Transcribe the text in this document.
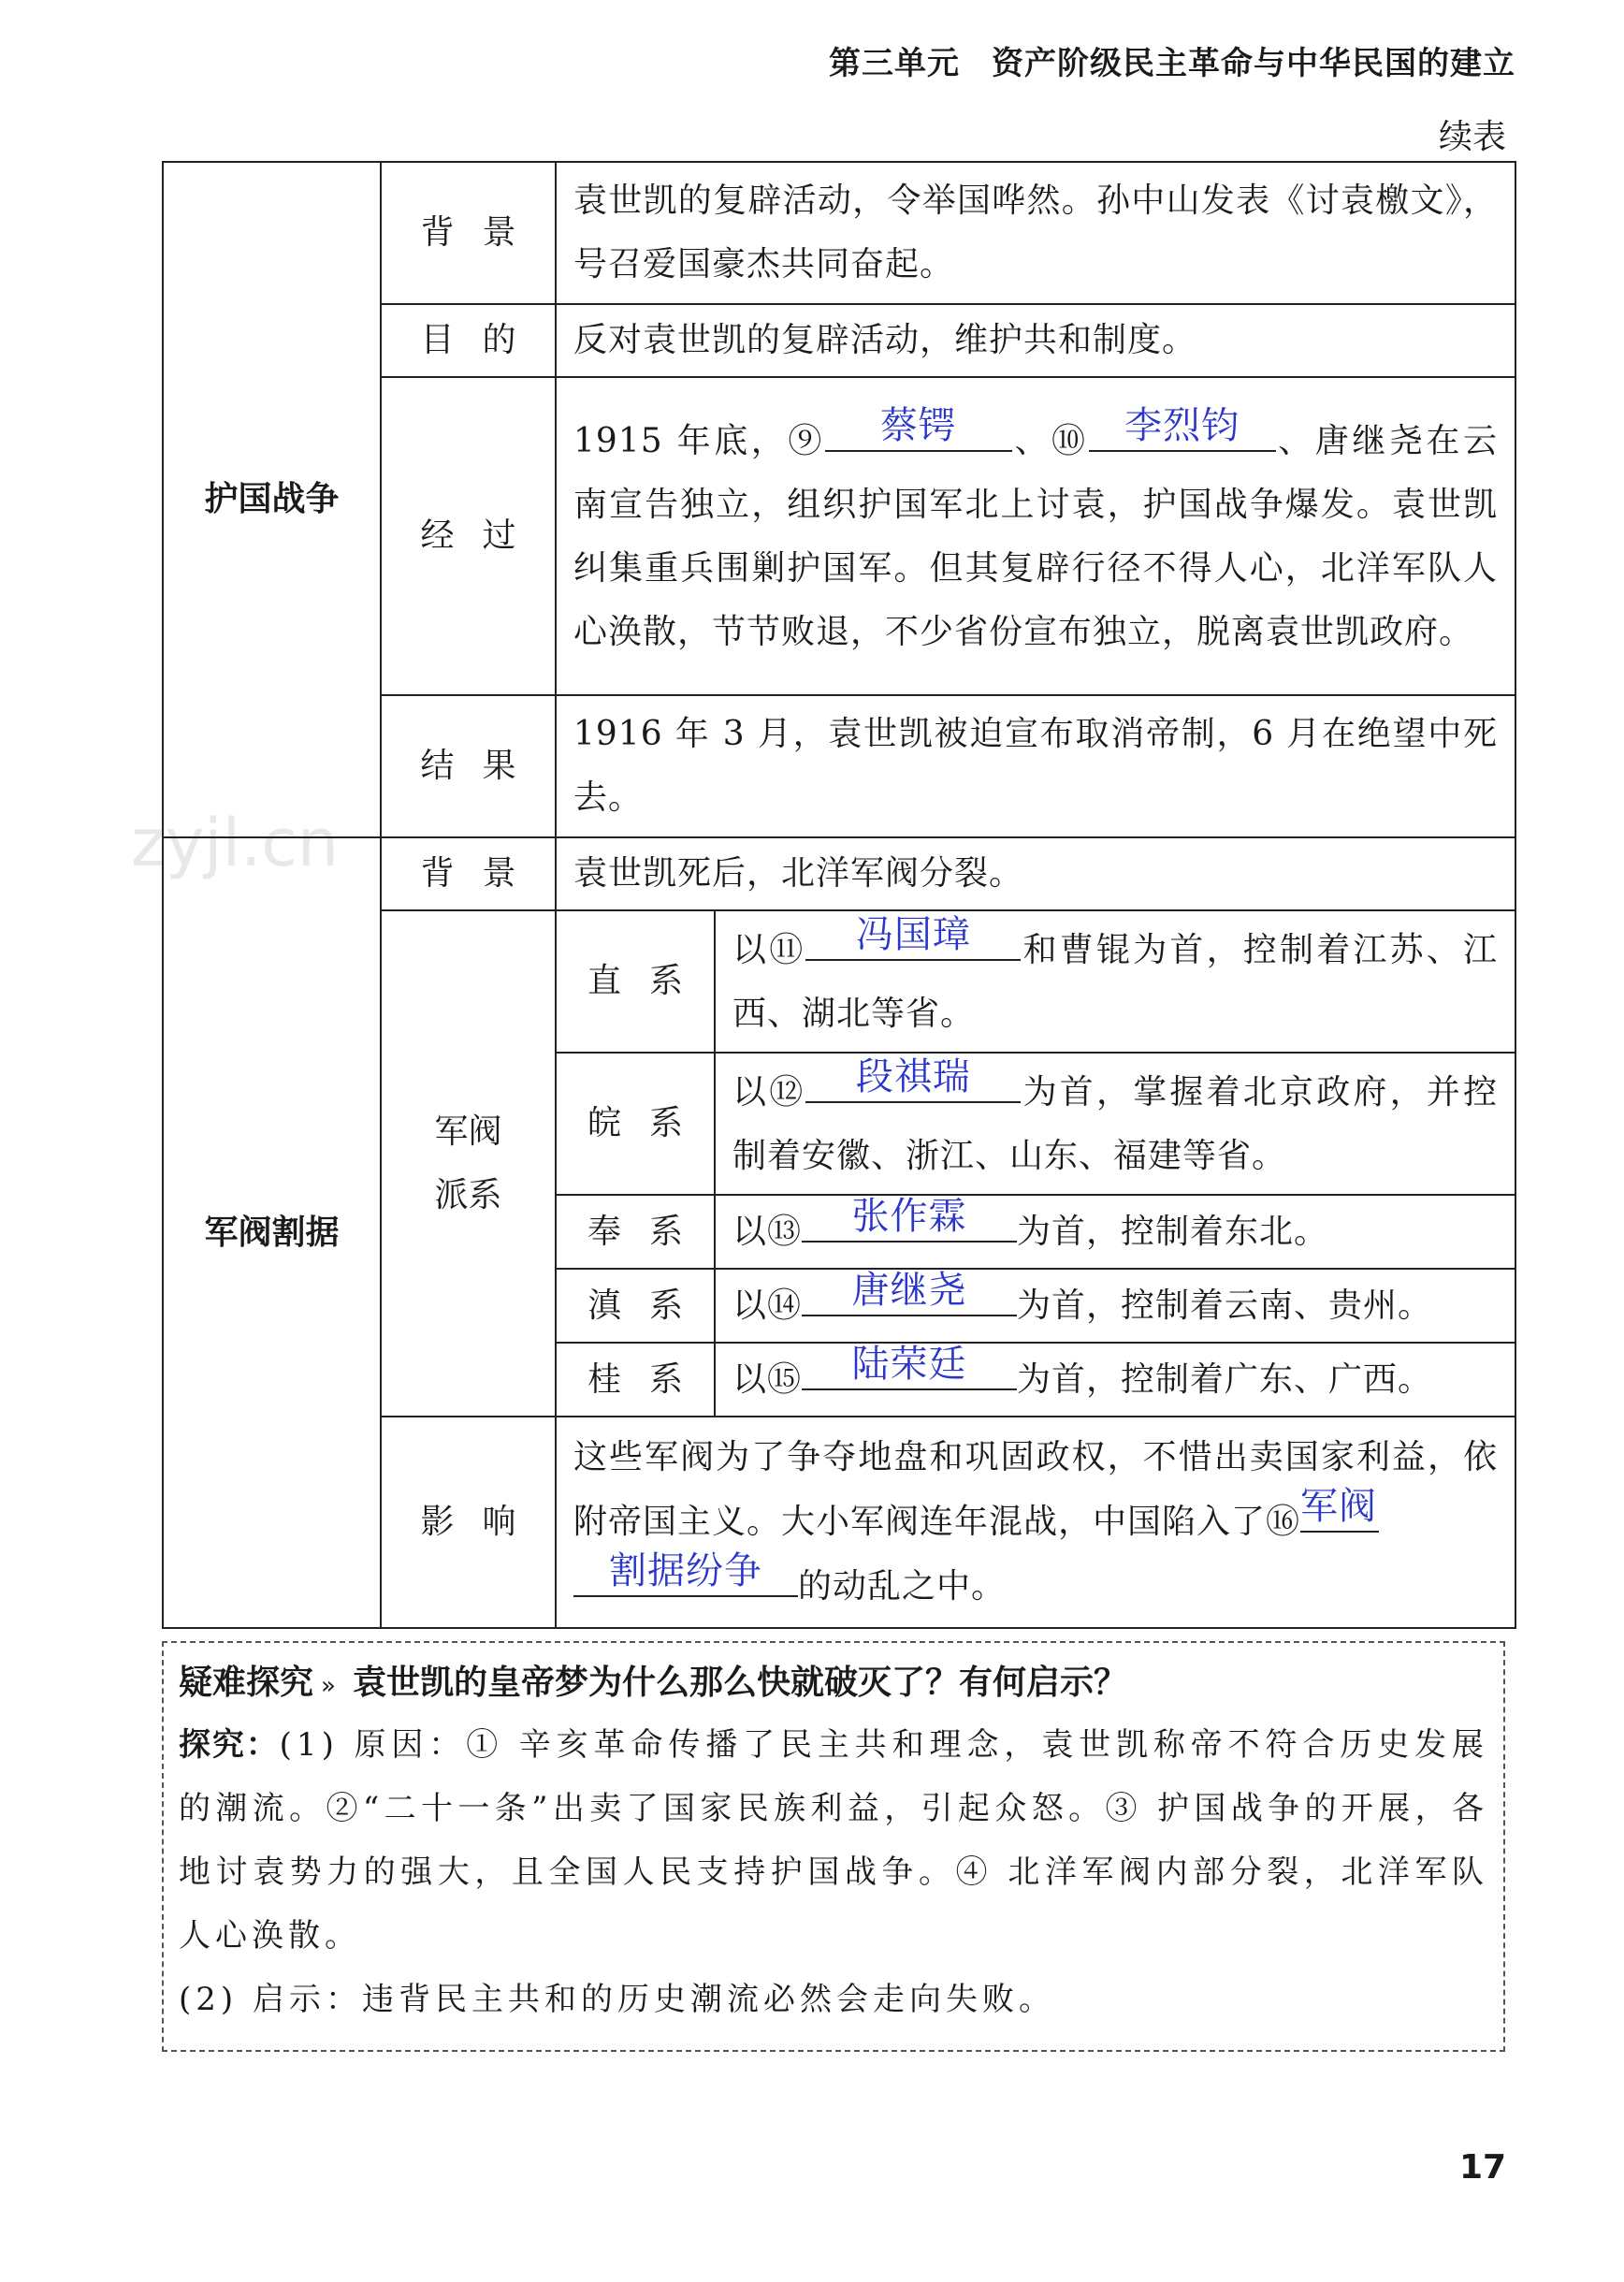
第三单元 资产阶级民主革命与中华民国的建立
续表
zyjl.cn
护国战争	背景	袁世凯的复辟活动，令举国哗然。孙中山发表《讨袁檄文》，号召爱国豪杰共同奋起。	
	目的	反对袁世凯的复辟活动，维护共和制度。	
	经过	1915 年底，⑨ 蔡锷 、⑩ 李烈钧 、唐继尧在云南宣告独立，组织护国军北上讨袁，护国战争爆发。袁世凯纠集重兵围剿护国军。但其复辟行径不得人心，北洋军队人心涣散，节节败退，不少省份宣布独立，脱离袁世凯政府。	
	结果	1916 年 3 月，袁世凯被迫宣布取消帝制，6 月在绝望中死去。	
军阀割据	背景	袁世凯死后，北洋军阀分裂。	

	军阀派系	直系	以⑪ 冯国璋 和曹锟为首，控制着江苏、江西、湖北等省。
		皖系	以⑫ 段祺瑞 为首，掌握着北京政府，并控制着安徽、浙江、山东、福建等省。
		奉系	以⑬ 张作霖 为首，控制着东北。
		滇系	以⑭ 唐继尧 为首，控制着云南、贵州。
		桂系	以⑮ 陆荣廷 为首，控制着广东、广西。
	影响	这些军阀为了争夺地盘和巩固政权，不惜出卖国家利益，依附帝国主义。大小军阀连年混战，中国陷入了⑯ 军阀

割据纷争 的动乱之中。	
疑难探究 » 袁世凯的皇帝梦为什么那么快就破灭了？有何启示？

探究：(1) 原因：① 辛亥革命传播了民主共和理念，袁世凯称帝不符合历史发展的潮流。②“二十一条”出卖了国家民族利益，引起众怒。③ 护国战争的开展，各地讨袁势力的强大，且全国人民支持护国战争。④ 北洋军阀内部分裂，北洋军队人心涣散。

(2) 启示：违背民主共和的历史潮流必然会走向失败。

17
